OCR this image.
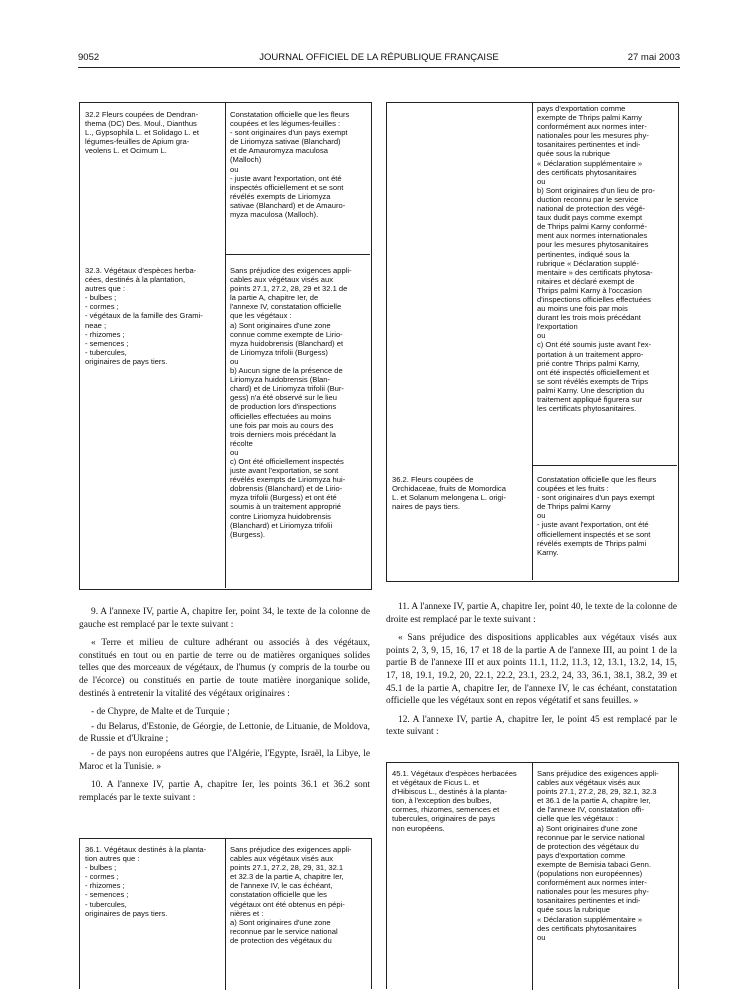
9052	JOURNAL OFFICIEL DE LA RÉPUBLIQUE FRANÇAISE	27 mai 2003
32.2 Fleurs coupées de Dendran-
thema (DC) Des. Moul., Dianthus
L., Gypsophila L. et Solidago L. et
légumes-feuilles de Apium gra-
veolens L. et Ocimum L.
Constatation officielle que les fleurs
coupées et les légumes-feuilles :
- sont originaires d'un pays exempt
de Liriomyza sativae (Blanchard)
et de Amauromyza maculosa
(Malloch)
ou
- juste avant l'exportation, ont été
inspectés officiellement et se sont
révélés exempts de Liriomyza
sativae (Blanchard) et de Amauro-
myza maculosa (Malloch).
32.3. Végétaux d'espèces herba-
cées, destinés à la plantation,
autres que :
- bulbes ;
- cormes ;
- végétaux de la famille des Grami-
neae ;
- rhizomes ;
- semences ;
- tubercules,
originaires de pays tiers.
Sans préjudice des exigences appli-
cables aux végétaux visés aux
points 27.1, 27.2, 28, 29 et 32.1 de
la partie A, chapitre Ier, de
l'annexe IV, constatation officielle
que les végétaux :
a) Sont originaires d'une zone
connue comme exempte de Lirio-
myza huidobrensis (Blanchard) et
de Liriomyza trifolii (Burgess)
ou
b) Aucun signe de la présence de
Liriomyza huidobrensis (Blan-
chard) et de Liriomyza trifolii (Bur-
gess) n'a été observé sur le lieu
de production lors d'inspections
officielles effectuées au moins
une fois par mois au cours des
trois derniers mois précédant la
récolte
ou
c) Ont été officiellement inspectés
juste avant l'exportation, se sont
révélés exempts de Liriomyza hui-
dobrensis (Blanchard) et de Lirio-
myza trifolii (Burgess) et ont été
soumis à un traitement approprié
contre Liriomyza huidobrensis
(Blanchard) et Liriomyza trifolii
(Burgess).
pays d'exportation comme
exempte de Thrips palmi Karny
conformément aux normes inter-
nationales pour les mesures phy-
tosanitaires pertinentes et indi-
quée sous la rubrique
« Déclaration supplémentaire »
des certificats phytosanitaires
ou
b) Sont originaires d'un lieu de pro-
duction reconnu par le service
national de protection des végé-
taux dudit pays comme exempt
de Thrips palmi Karny conformé-
ment aux normes internationales
pour les mesures phytosanitaires
pertinentes, indiqué sous la
rubrique « Déclaration supplé-
mentaire » des certificats phytosa-
nitaires et déclaré exempt de
Thrips palmi Karny à l'occasion
d'inspections officielles effectuées
au moins une fois par mois
durant les trois mois précédant
l'exportation
ou
c) Ont été soumis juste avant l'ex-
portation à un traitement appro-
prié contre Thrips palmi Karny,
ont été inspectés officiellement et
se sont révélés exempts de Trips
palmi Karny. Une description du
traitement appliqué figurera sur
les certificats phytosanitaires.
36.2. Fleurs coupées de
Orchidaceae, fruits de Momordica
L. et Solanum melongena L. origi-
naires de pays tiers.
Constatation officielle que les fleurs
coupées et les fruits :
- sont originaires d'un pays exempt
de Thrips palmi Karny
ou
- juste avant l'exportation, ont été
officiellement inspectés et se sont
révélés exempts de Thrips palmi
Karny.

9. A l'annexe IV, partie A, chapitre Ier, point 34, le texte de la colonne de gauche est remplacé par le texte suivant :

« Terre et milieu de culture adhérant ou associés à des végétaux, constitués en tout ou en partie de terre ou de matières organiques solides telles que des morceaux de végétaux, de l'humus (y compris de la tourbe ou de l'écorce) ou constitués en partie de toute matière inorganique solide, destinés à entretenir la vitalité des végétaux originaires :

- de Chypre, de Malte et de Turquie ;
- du Belarus, d'Estonie, de Géorgie, de Lettonie, de Lituanie, de Moldova, de Russie et d'Ukraine ;
- de pays non européens autres que l'Algérie, l'Egypte, Israël, la Libye, le Maroc et la Tunisie. »

10. A l'annexe IV, partie A, chapitre Ier, les points 36.1 et 36.2 sont remplacés par le texte suivant :

11. A l'annexe IV, partie A, chapitre Ier, point 40, le texte de la colonne de droite est remplacé par le texte suivant :

« Sans préjudice des dispositions applicables aux végétaux visés aux points 2, 3, 9, 15, 16, 17 et 18 de la partie A de l'annexe III, au point 1 de la partie B de l'annexe III et aux points 11.1, 11.2, 11.3, 12, 13.1, 13.2, 14, 15, 17, 18, 19.1, 19.2, 20, 22.1, 22.2, 23.1, 23.2, 24, 33, 36.1, 38.1, 38.2, 39 et 45.1 de la partie A, chapitre Ier, de l'annexe IV, le cas échéant, constatation officielle que les végétaux sont en repos végétatif et sans feuilles. »

12. A l'annexe IV, partie A, chapitre Ier, le point 45 est remplacé par le texte suivant :

36.1. Végétaux destinés à la planta-
tion autres que :
- bulbes ;
- cormes ;
- rhizomes ;
- semences ;
- tubercules,
originaires de pays tiers.
Sans préjudice des exigences appli-
cables aux végétaux visés aux
points 27.1, 27.2, 28, 29, 31, 32.1
et 32.3 de la partie A, chapitre Ier,
de l'annexe IV, le cas échéant,
constatation officielle que les
végétaux ont été obtenus en pépi-
nières et :
a) Sont originaires d'une zone
reconnue par le service national
de protection des végétaux du
45.1. Végétaux d'espèces herbacées
et végétaux de Ficus L. et
d'Hibiscus L., destinés à la planta-
tion, à l'exception des bulbes,
cormes, rhizomes, semences et
tubercules, originaires de pays
non européens.
Sans préjudice des exigences appli-
cables aux végétaux visés aux
points 27.1, 27.2, 28, 29, 32.1, 32.3
et 36.1 de la partie A, chapitre Ier,
de l'annexe IV, constatation offi-
cielle que les végétaux :
a) Sont originaires d'une zone
reconnue par le service national
de protection des végétaux du
pays d'exportation comme
exempte de Bemisia tabaci Genn.
(populations non européennes)
conformément aux normes inter-
nationales pour les mesures phy-
tosanitaires pertinentes et indi-
quée sous la rubrique
« Déclaration supplémentaire »
des certificats phytosanitaires
ou
